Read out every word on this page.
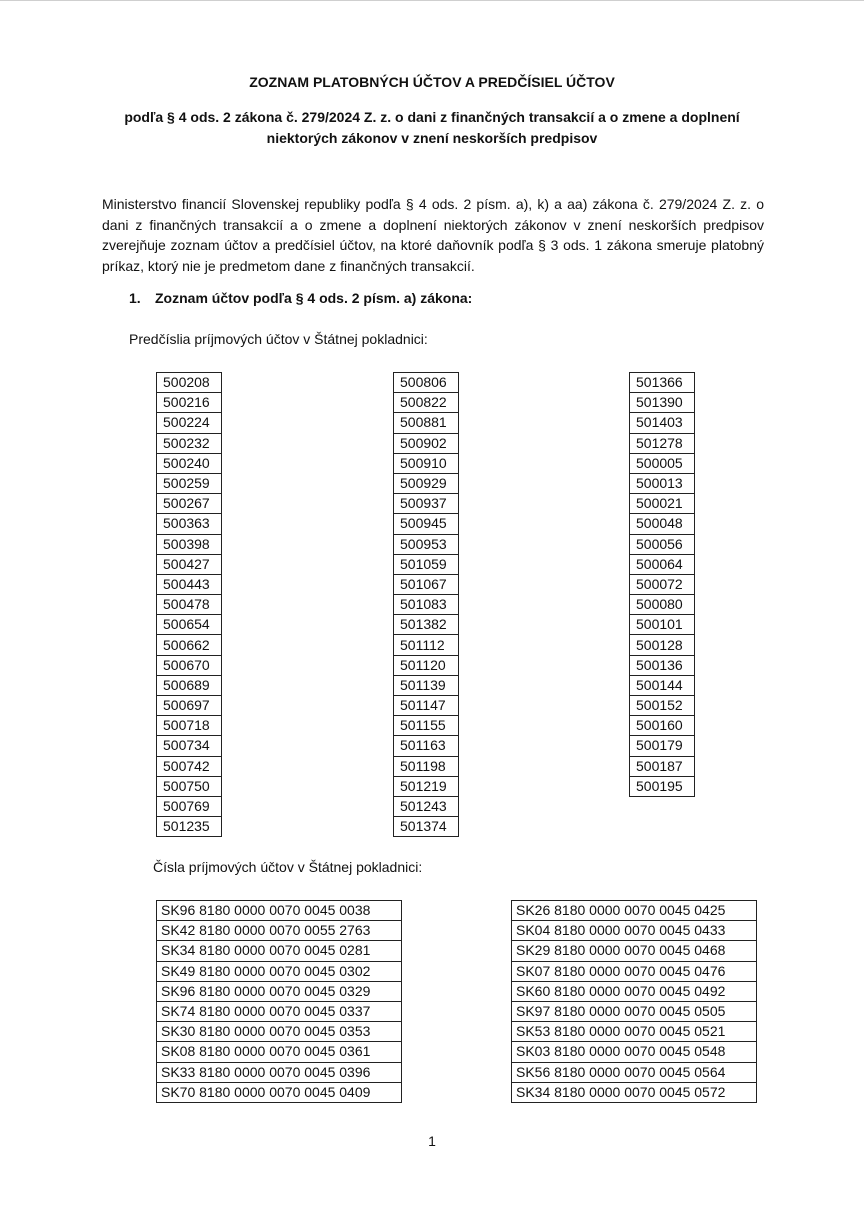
ZOZNAM PLATOBNÝCH ÚČTOV A PREDČÍSIEL ÚČTOV
podľa § 4 ods. 2 zákona č. 279/2024 Z. z. o dani z finančných transakcií a o zmene a doplnení niektorých zákonov v znení neskorších predpisov
Ministerstvo financií Slovenskej republiky podľa § 4 ods. 2 písm. a), k) a aa) zákona č. 279/2024 Z. z. o dani z finančných transakcií a o zmene a doplnení niektorých zákonov v znení neskorších predpisov zverejňuje zoznam účtov a predčísiel účtov, na ktoré daňovník podľa § 3 ods. 1 zákona smeruje platobný príkaz, ktorý nie je predmetom dane z finančných transakcií.
1. Zoznam účtov podľa § 4 ods. 2 písm. a) zákona:
Predčíslia príjmových účtov v Štátnej pokladnici:
500208
500216
500224
500232
500240
500259
500267
500363
500398
500427
500443
500478
500654
500662
500670
500689
500697
500718
500734
500742
500750
500769
501235
500806
500822
500881
500902
500910
500929
500937
500945
500953
501059
501067
501083
501382
501112
501120
501139
501147
501155
501163
501198
501219
501243
501374
501366
501390
501403
501278
500005
500013
500021
500048
500056
500064
500072
500080
500101
500128
500136
500144
500152
500160
500179
500187
500195
Čísla príjmových účtov v Štátnej pokladnici:
SK96 8180 0000 0070 0045 0038
SK42 8180 0000 0070 0055 2763
SK34 8180 0000 0070 0045 0281
SK49 8180 0000 0070 0045 0302
SK96 8180 0000 0070 0045 0329
SK74 8180 0000 0070 0045 0337
SK30 8180 0000 0070 0045 0353
SK08 8180 0000 0070 0045 0361
SK33 8180 0000 0070 0045 0396
SK70 8180 0000 0070 0045 0409
SK26 8180 0000 0070 0045 0425
SK04 8180 0000 0070 0045 0433
SK29 8180 0000 0070 0045 0468
SK07 8180 0000 0070 0045 0476
SK60 8180 0000 0070 0045 0492
SK97 8180 0000 0070 0045 0505
SK53 8180 0000 0070 0045 0521
SK03 8180 0000 0070 0045 0548
SK56 8180 0000 0070 0045 0564
SK34 8180 0000 0070 0045 0572
1
